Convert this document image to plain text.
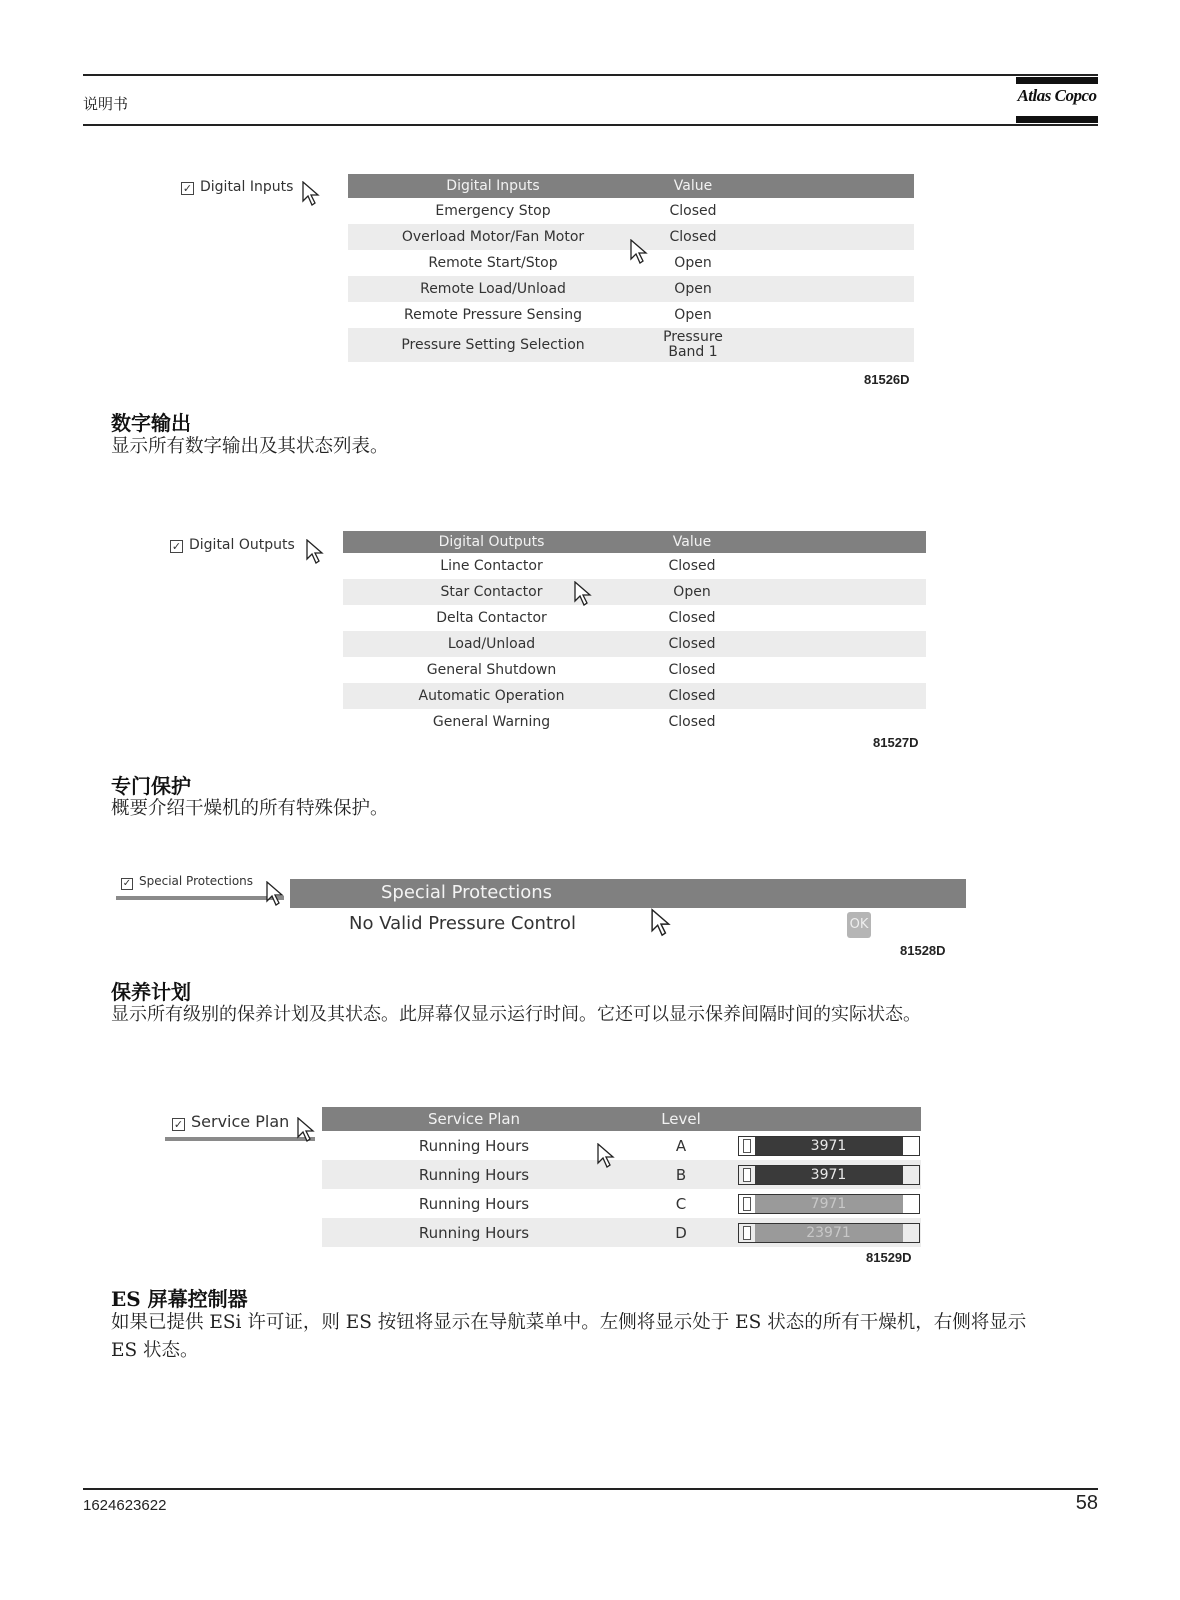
说明书	Atlas Copco
✓ Digital Inputs	Digital Inputs	Value	
Emergency Stop	Closed	
Overload Motor/Fan Motor	Closed	
Remote Start/Stop	Open	
Remote Load/Unload	Open	
Remote Pressure Sensing	Open	
Pressure Setting Selection	Pressure Band 1	
81526D
数字输出
显示所有数字输出及其状态列表。
✓ Digital Outputs	Digital Outputs	Value	
Line Contactor	Closed	
Star Contactor	Open	
Delta Contactor	Closed	
Load/Unload	Closed	
General Shutdown	Closed	
Automatic Operation	Closed	
General Warning	Closed	
81527D
专门保护
概要介绍干燥机的所有特殊保护。
✓ Special Protections
Special Protections
No Valid Pressure Control	OK
81528D
保养计划
显示所有级别的保养计划及其状态。此屏幕仅显示运行时间。它还可以显示保养间隔时间的实际状态。
✓ Service Plan	Service Plan	Level	
Running Hours	A	3971

Running Hours	B	3971

Running Hours	C	7971

Running Hours	D	23971
81529D
ES 屏幕控制器
如果已提供 ESi 许可证，则 ES 按钮将显示在导航菜单中。左侧将显示处于 ES 状态的所有干燥机，右侧将显示 ES 状态。
1624623622	58
